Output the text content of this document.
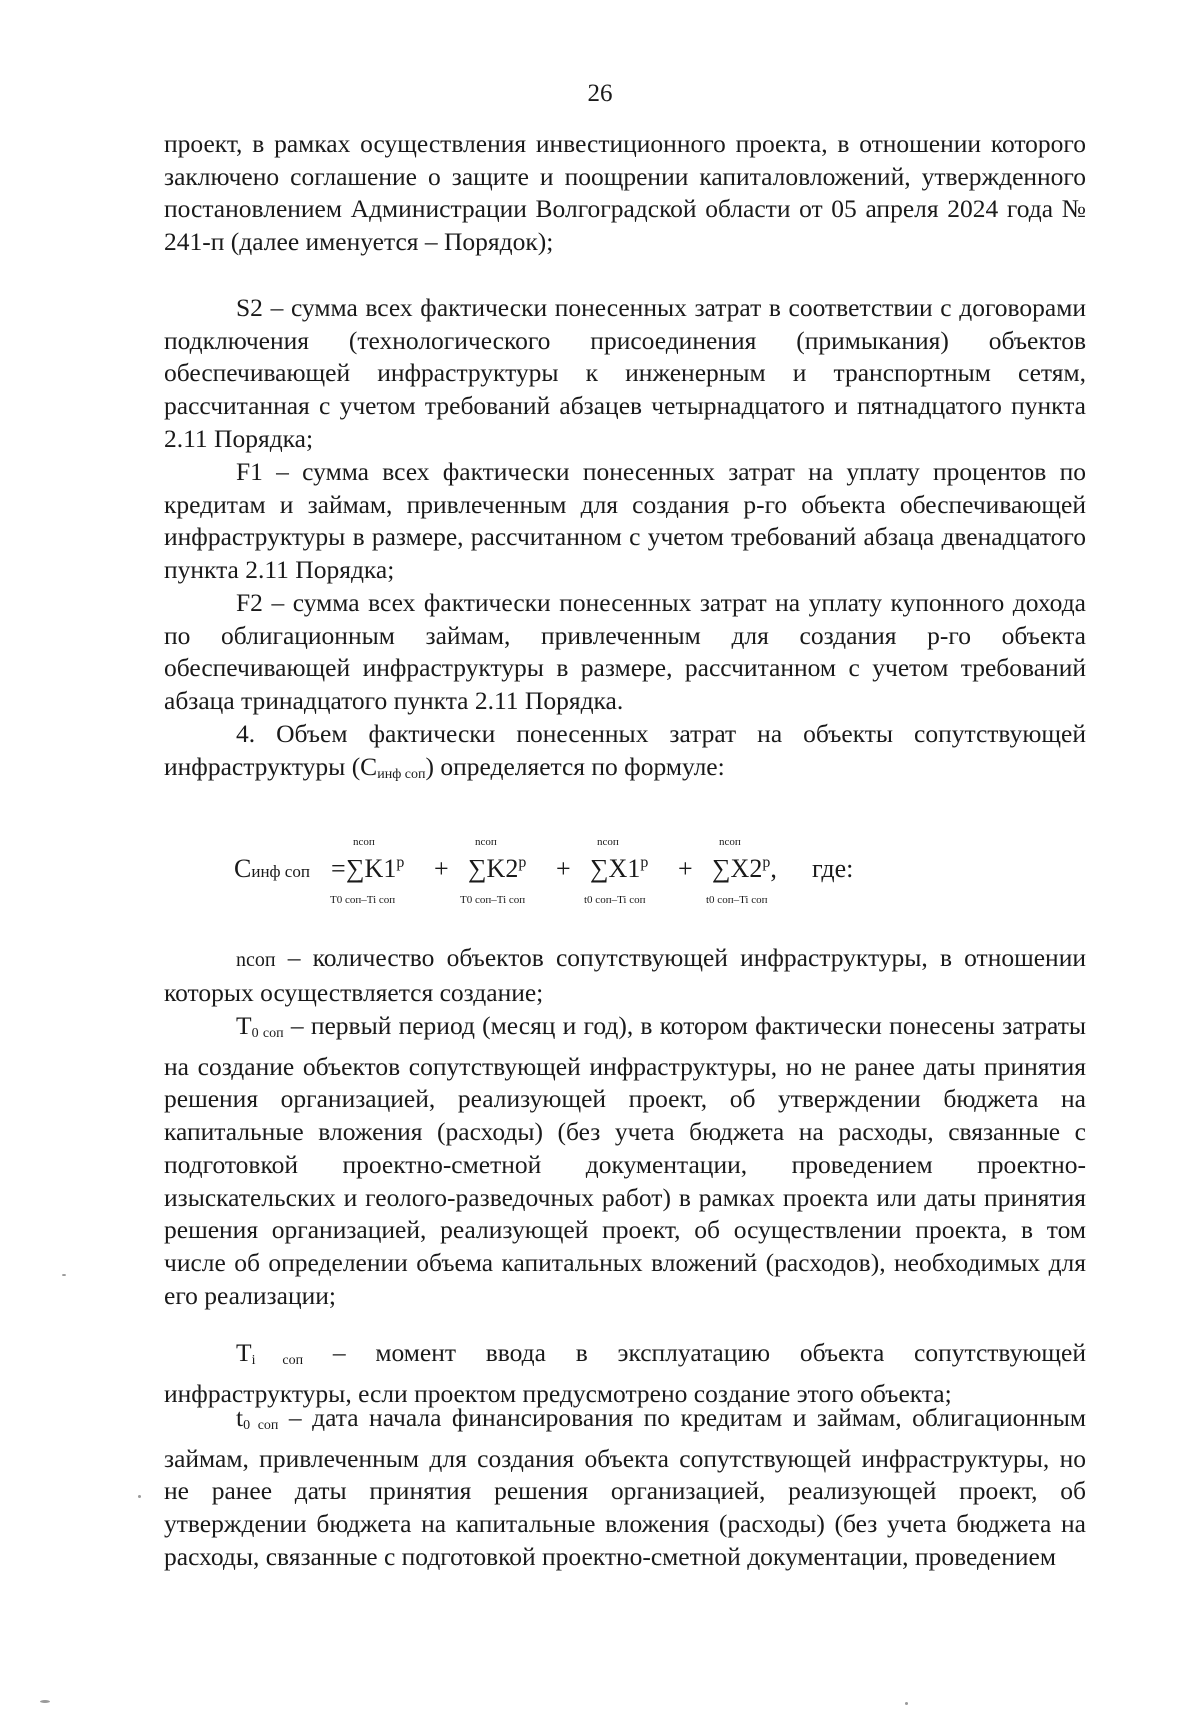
26

проект, в рамках осуществления инвестиционного проекта, в отношении которого заключено соглашение о защите и поощрении капиталовложений, утвержденного постановлением Администрации Волгоградской области от 05 апреля 2024 года № 241-п (далее именуется – Порядок);

S2 – сумма всех фактически понесенных затрат в соответствии с договорами подключения (технологического присоединения (примыкания) объектов обеспечивающей инфраструктуры к инженерным и транспортным сетям, рассчитанная с учетом требований абзацев четырнадцатого и пятнадцатого пункта 2.11 Порядка;

F1 – сумма всех фактически понесенных затрат на уплату процентов по кредитам и займам, привлеченным для создания p-го объекта обеспечивающей инфраструктуры в размере, рассчитанном с учетом требований абзаца двенадцатого пункта 2.11 Порядка;

F2 – сумма всех фактически понесенных затрат на уплату купонного дохода по облигационным займам, привлеченным для создания p-го объекта обеспечивающей инфраструктуры в размере, рассчитанном с учетом требований абзаца тринадцатого пункта 2.11 Порядка.

4. Объем фактически понесенных затрат на объекты сопутствующей инфраструктуры $(С_{инф соп})$ определяется по формуле:

Синф соп =
nсоп
∑K1$^p$
T0 соп–Ti соп
+
nсоп
∑K2$^p$
T0 соп–Ti соп
+
nсоп
∑X1$^p$
t0 соп–Ti соп
+
nсоп
∑X2$^p$,
t0 соп–Ti соп
где:

nсоп – количество объектов сопутствующей инфраструктуры, в отношении которых осуществляется создание;

$Т_{0 соп}$ – первый период (месяц и год), в котором фактически понесены затраты на создание объектов сопутствующей инфраструктуры, но не ранее даты принятия решения организацией, реализующей проект, об утверждении бюджета на капитальные вложения (расходы) (без учета бюджета на расходы, связанные с подготовкой проектно-сметной документации, проведением проектно-изыскательских и геолого-разведочных работ) в рамках проекта или даты принятия решения организацией, реализующей проект, об осуществлении проекта, в том числе об определении объема капитальных вложений (расходов), необходимых для его реализации;

$Т_{i соп}$ – момент ввода в эксплуатацию объекта сопутствующей инфраструктуры, если проектом предусмотрено создание этого объекта;

$t_{0 соп}$ – дата начала финансирования по кредитам и займам, облигационным займам, привлеченным для создания объекта сопутствующей инфраструктуры, но не ранее даты принятия решения организацией, реализующей проект, об утверждении бюджета на капитальные вложения (расходы) (без учета бюджета на расходы, связанные с подготовкой проектно-сметной документации, проведением
